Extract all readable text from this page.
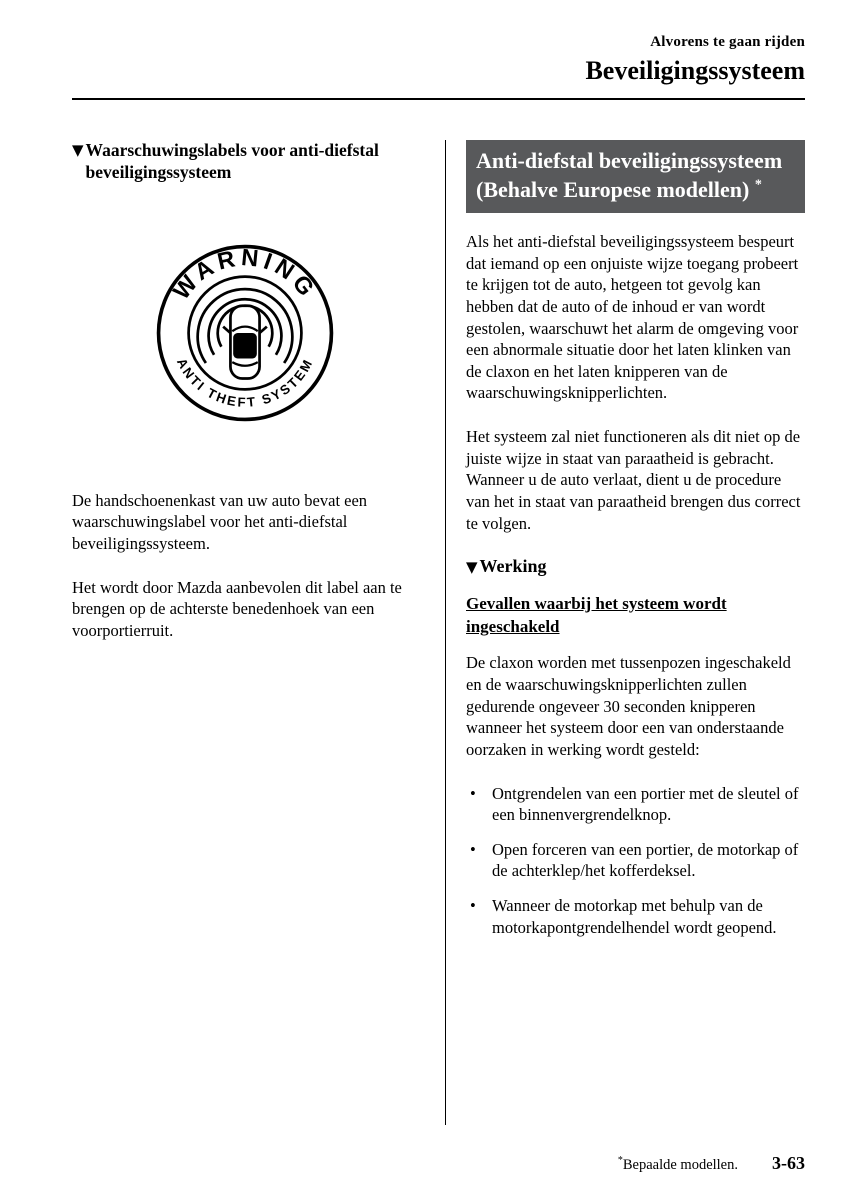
Alvorens te gaan rijden
Beveiligingssysteem
▼ Waarschuwingslabels voor anti-diefstal beveiligingssysteem
WARNING
ANTI THEFT SYSTEM

De handschoenenkast van uw auto bevat een waarschuwingslabel voor het anti-diefstal beveiligingssysteem.

Het wordt door Mazda aanbevolen dit label aan te brengen op de achterste benedenhoek van een voorportierruit.

Anti-diefstal beveiligingssysteem (Behalve Europese modellen) *

Als het anti-diefstal beveiligingssysteem bespeurt dat iemand op een onjuiste wijze toegang probeert te krijgen tot de auto, hetgeen tot gevolg kan hebben dat de auto of de inhoud er van wordt gestolen, waarschuwt het alarm de omgeving voor een abnormale situatie door het laten klinken van de claxon en het laten knipperen van de waarschuwingsknipperlichten.

Het systeem zal niet functioneren als dit niet op de juiste wijze in staat van paraatheid is gebracht. Wanneer u de auto verlaat, dient u de procedure van het in staat van paraatheid brengen dus correct te volgen.

▼ Werking
Gevallen waarbij het systeem wordt ingeschakeld

De claxon worden met tussenpozen ingeschakeld en de waarschuwingsknipperlichten zullen gedurende ongeveer 30 seconden knipperen wanneer het systeem door een van onderstaande oorzaken in werking wordt gesteld:

• Ontgrendelen van een portier met de sleutel of een binnenvergrendelknop.
• Open forceren van een portier, de motorkap of de achterklep/het kofferdeksel.
• Wanneer de motorkap met behulp van de motorkapontgrendelhendel wordt geopend.
*Bepaalde modellen. 3-63
